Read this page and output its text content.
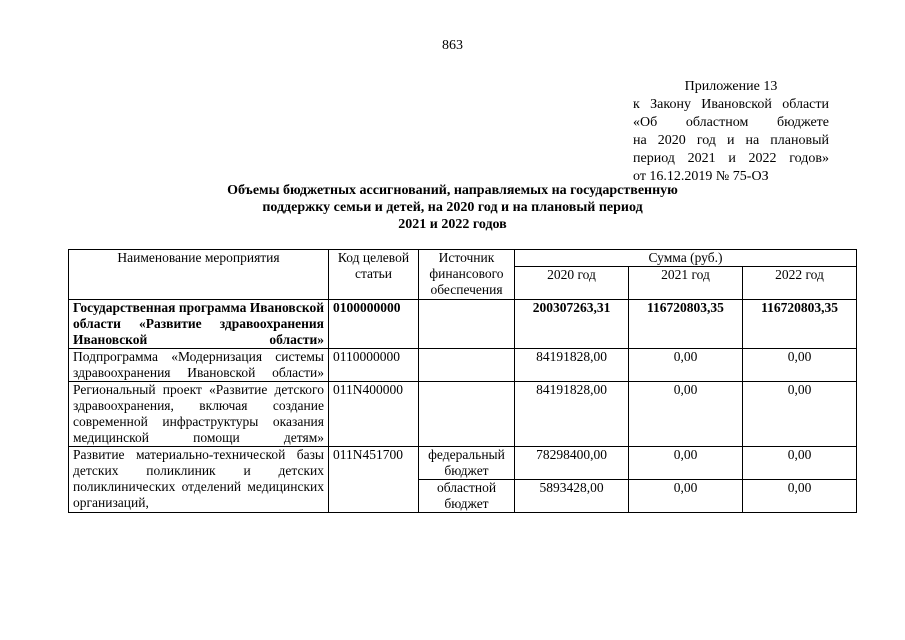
863
Приложение 13
к Закону Ивановской области
«Об областном бюджете
на 2020 год и на плановый
период 2021 и 2022 годов»
от 16.12.2019 № 75-ОЗ
Объемы бюджетных ассигнований, направляемых на государственную
поддержку семьи и детей, на 2020 год и на плановый период
2021 и 2022 годов
Наименование мероприятия	Код целевой статьи	Источник финансового обеспечения	Сумма (руб.)		
			2020 год	2021 год	2022 год
Государственная программа Ивановской области «Развитие здравоохранения Ивановской области»	0100000000		200307263,31	116720803,35	116720803,35
Подпрограмма «Модернизация системы здравоохранения Ивановской области»	0110000000		84191828,00	0,00	0,00
Региональный проект «Развитие детского здравоохранения, включая создание современной инфраструктуры оказания медицинской помощи детям»	011N400000		84191828,00	0,00	0,00
Развитие материально-технической базы детских поликлиник и детских поликлинических отделений медицинских организаций,	011N451700	федеральный бюджет	78298400,00	0,00	0,00
		областной бюджет	5893428,00	0,00	0,00
